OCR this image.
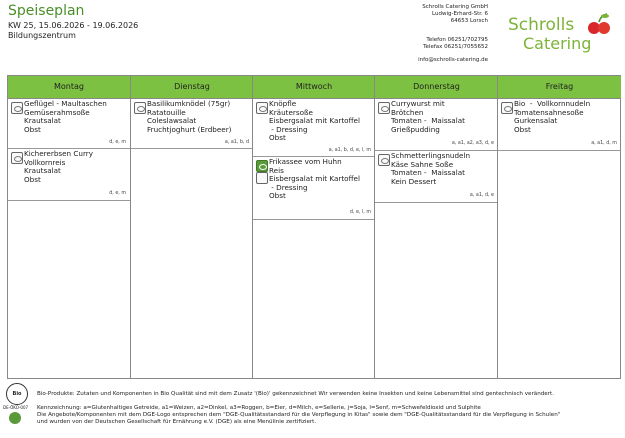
Speiseplan
KW 25, 15.06.2026 - 19.06.2026
Bildungszentrum
Schrolls Catering GmbH
Ludwig-Erhard-Str. 6
64653 Lorsch
Telefon 06251/702795
Telefax 06251/7055652
info@schrolls-catering.de
Schrolls
Catering
Montag
Geflügel - Maultaschen
Gemüserahmsoße
Krautsalat
Obst
d, e, m
Kichererbsen Curry
Vollkornreis
Krautsalat
Obst
d, e, m
Dienstag
Basilikumknödel (75gr)
Ratatouille
Coleslawsalat
Fruchtjoghurt (Erdbeer)
a, a1, b, d
Mittwoch
Knöpfle
Kräutersoße
Eisbergsalat mit Kartoffel
- Dressing
Obst
a, a1, b, d, e, l, m
Frikassee vom Huhn
Reis
Eisbergsalat mit Kartoffel
- Dressing
Obst
d, e, l, m
Donnerstag
Currywurst mit
Brötchen
Tomaten -  Maissalat
Grießpudding
a, a1, a2, a3, d, e
Schmetterlingsnudeln
Käse Sahne Soße
Tomaten -  Maissalat
Kein Dessert
a, a1, d, e
Freitag
Bio  -  Vollkornnudeln
Tomatensahnesoße
Gurkensalat
Obst
a, a1, d, m
Bio
DE-ÖKO-007
Bio-Produkte: Zutaten und Komponenten in Bio Qualität sind mit dem Zusatz '(Bio)' gekennzeichnet Wir verwenden keine Insekten und keine Lebensmittel sind gentechnisch verändert.
Kennzeichnung: a=Glutenhaltiges Getreide, a1=Weizen, a2=Dinkel, a3=Roggen, b=Eier, d=Milch, e=Sellerie, j=Soja, l=Senf, m=Schwefeldioxid und Sulphite
Die Angebote/Komponenten mit dem DGE-Logo entsprechen dem "DGE-Qualitätsstandard für die Verpflegung in Kitas" sowie dem "DGE-Qualitätsstandard für die Verpflegung in Schulen"
und wurden von der Deutschen Gesellschaft für Ernährung e.V. (DGE) als eine Menülinie zertifiziert.
